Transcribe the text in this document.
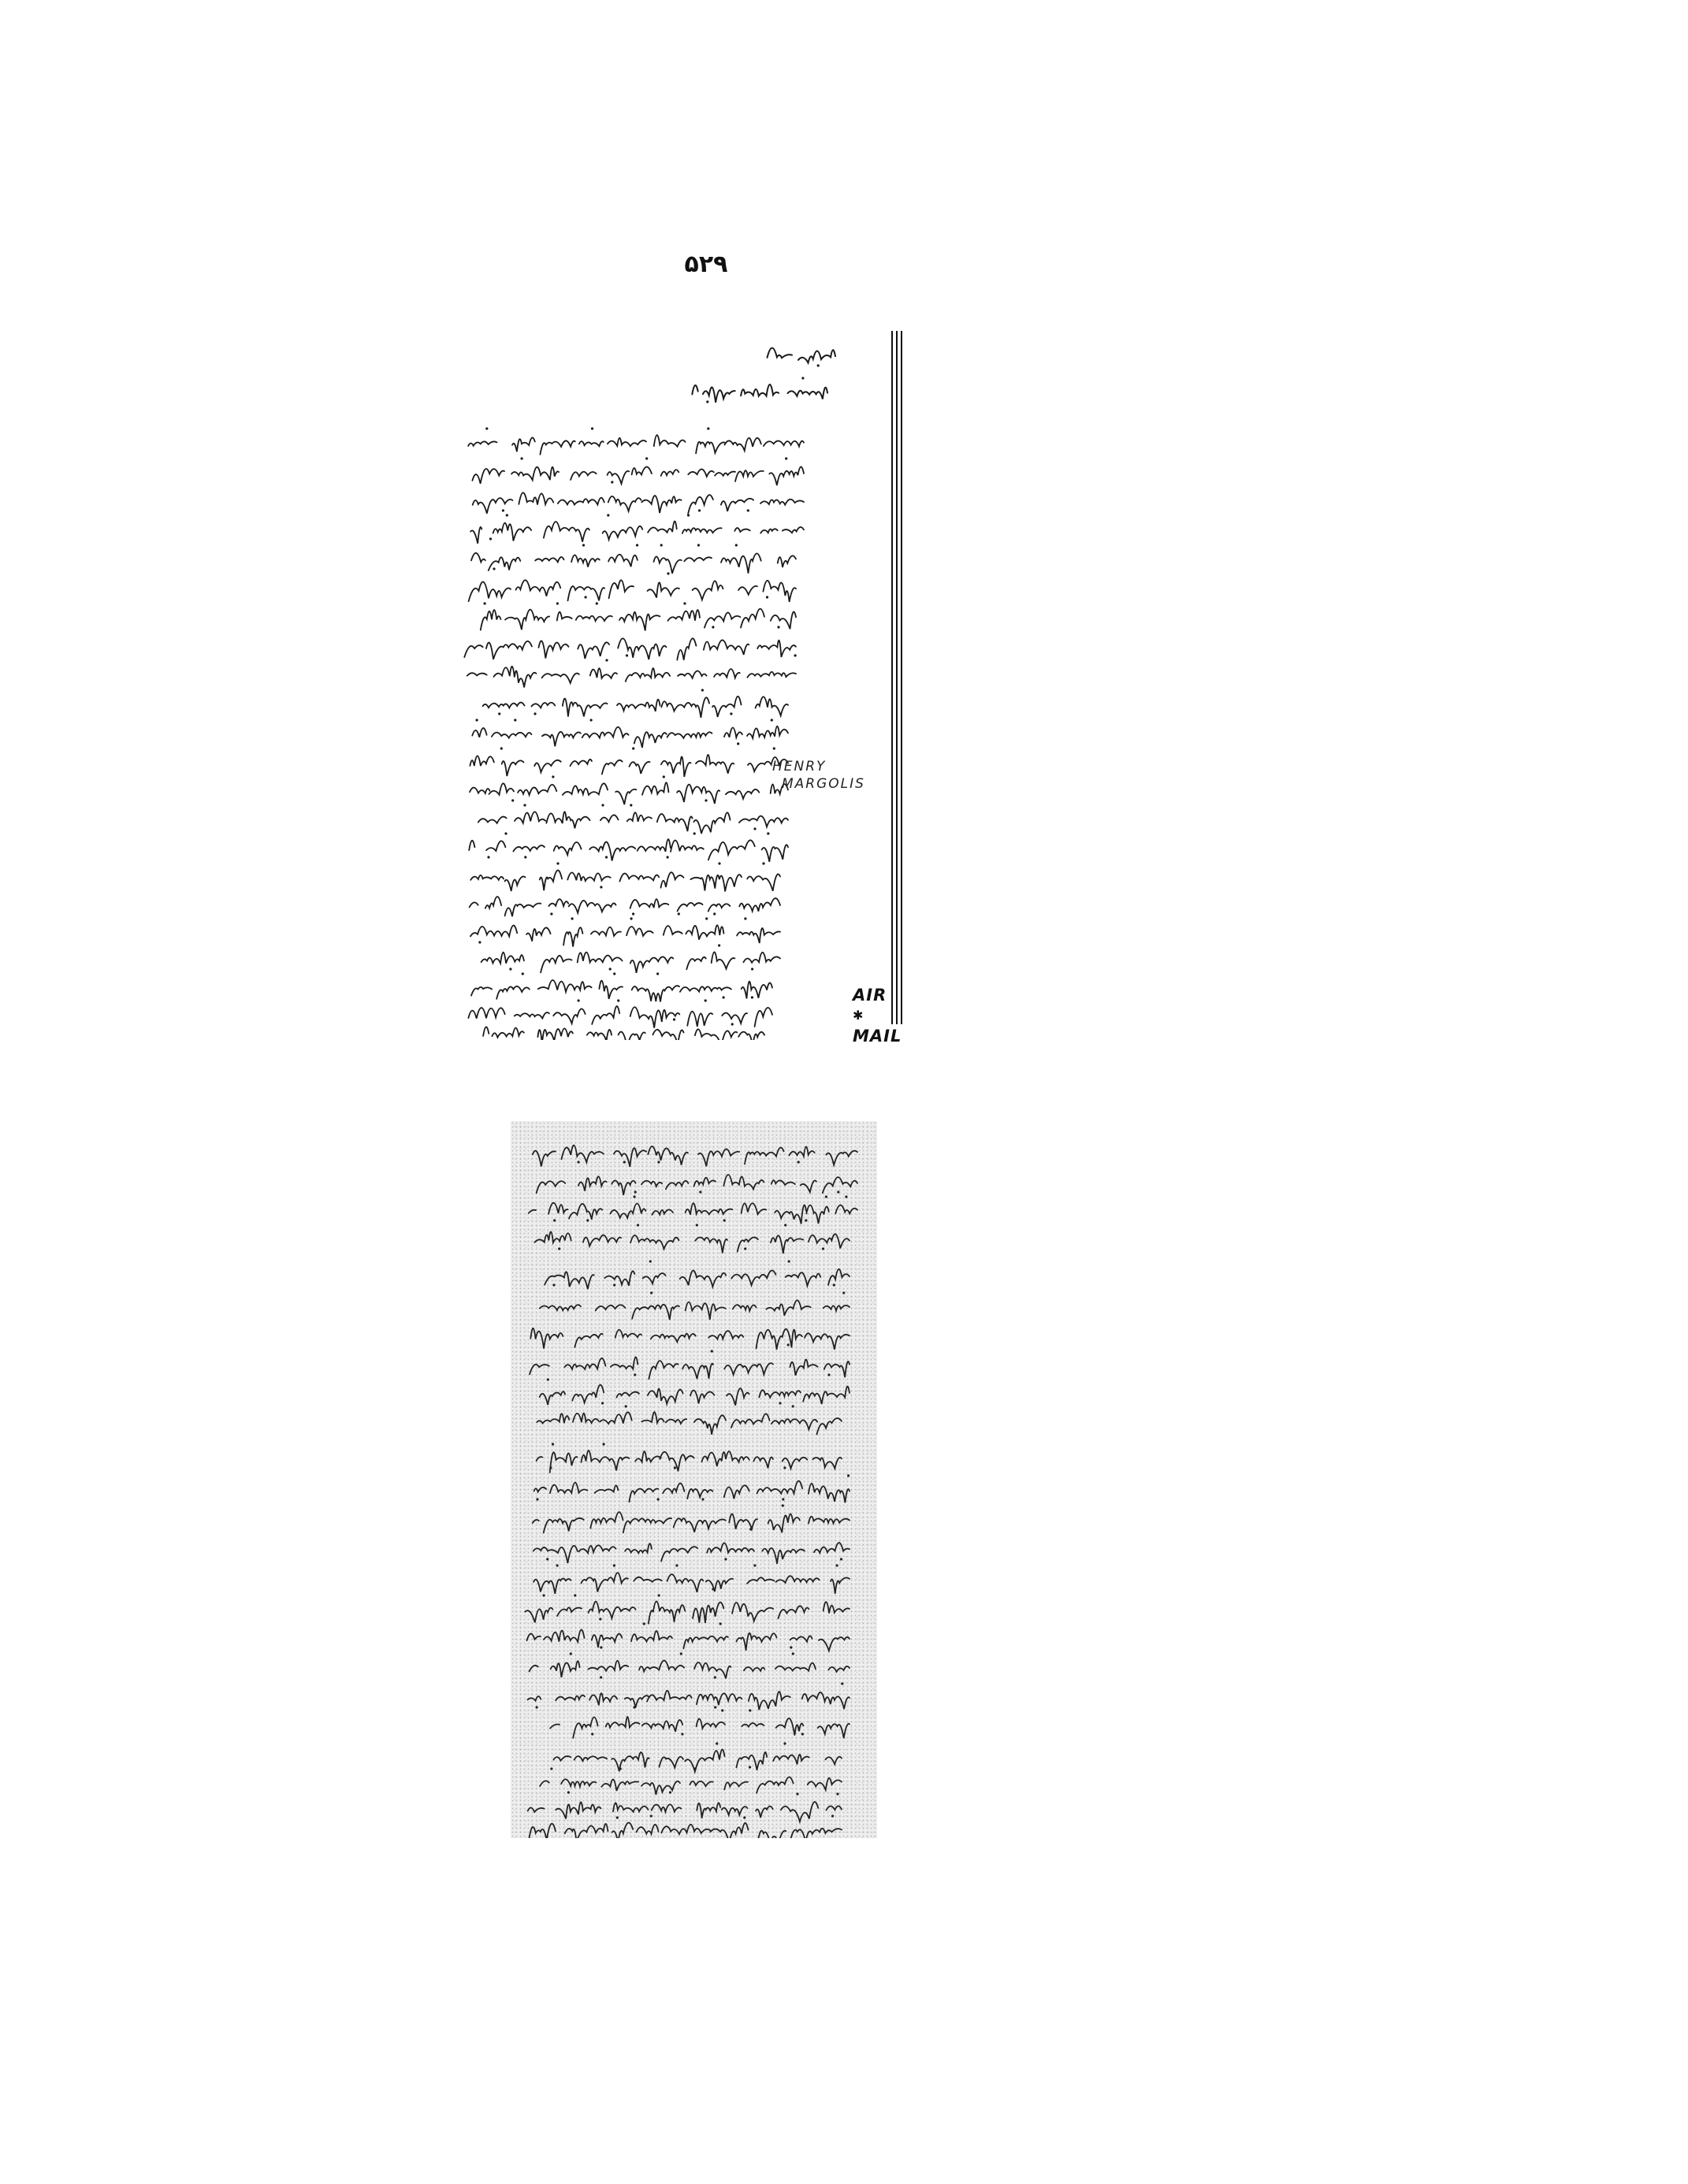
۵۲۹
HENRY
MARGOLIS
AIR
✱
MAIL
